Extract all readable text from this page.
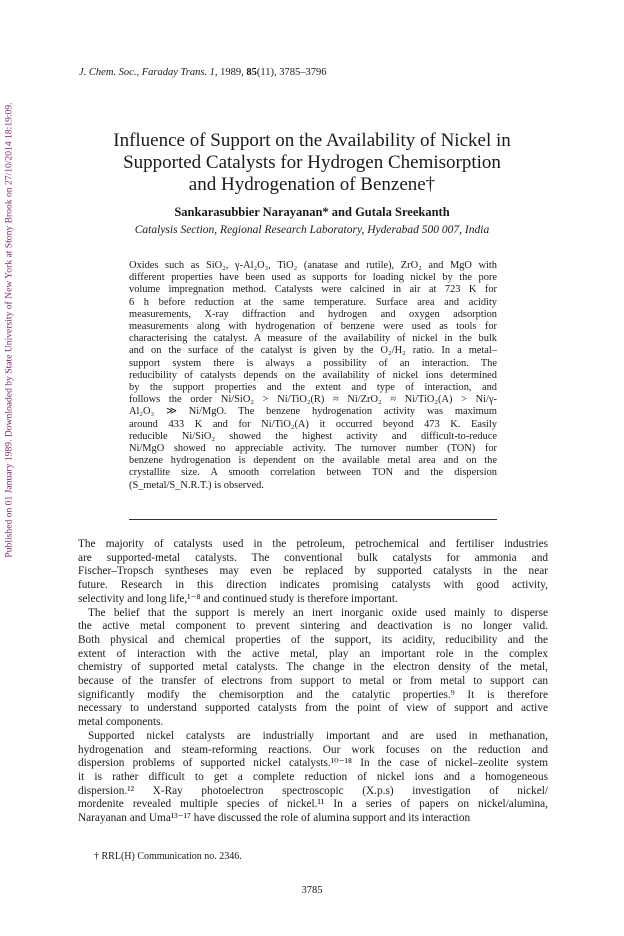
Published on 01 January 1989. Downloaded by State University of New York at Stony Brook on 27/10/2014 18:19:09.
J. Chem. Soc., Faraday Trans. 1, 1989, 85(11), 3785–3796
Influence of Support on the Availability of Nickel in
Supported Catalysts for Hydrogen Chemisorption
and Hydrogenation of Benzene†
Sankarasubbier Narayanan* and Gutala Sreekanth
Catalysis Section, Regional Research Laboratory, Hyderabad 500 007, India
Oxides such as SiO₂, γ-Al₂O₃, TiO₂ (anatase and rutile), ZrO₂ and MgO with
different properties have been used as supports for loading nickel by the pore
volume impregnation method. Catalysts were calcined in air at 723 K for
6 h before reduction at the same temperature. Surface area and acidity
measurements, X-ray diffraction and hydrogen and oxygen adsorption
measurements along with hydrogenation of benzene were used as tools for
characterising the catalyst. A measure of the availability of nickel in the bulk
and on the surface of the catalyst is given by the O₂/H₂ ratio. In a metal–
support system there is always a possibility of an interaction. The
reducibility of catalysts depends on the availability of nickel ions determined
by the support properties and the extent and type of interaction, and
follows the order Ni/SiO₂ > Ni/TiO₂(R) ≈ Ni/ZrO₂ ≈ Ni/TiO₂(A) > Ni/γ-
Al₂O₃ ≫ Ni/MgO. The benzene hydrogenation activity was maximum
around 433 K and for Ni/TiO₂(A) it occurred beyond 473 K. Easily
reducible Ni/SiO₂ showed the highest activity and difficult-to-reduce
Ni/MgO showed no appreciable activity. The turnover number (TON) for
benzene hydrogenation is dependent on the available metal area and on the
crystallite size. A smooth correlation between TON and the dispersion
(S_metal/S_N.R.T.) is observed.
The majority of catalysts used in the petroleum, petrochemical and fertiliser industries
are supported-metal catalysts. The conventional bulk catalysts for ammonia and
Fischer–Tropsch syntheses may even be replaced by supported catalysts in the near
future. Research in this direction indicates promising catalysts with good activity,
selectivity and long life,¹⁻⁸ and continued study is therefore important.
The belief that the support is merely an inert inorganic oxide used mainly to disperse
the active metal component to prevent sintering and deactivation is no longer valid.
Both physical and chemical properties of the support, its acidity, reducibility and the
extent of interaction with the active metal, play an important role in the complex
chemistry of supported metal catalysts. The change in the electron density of the metal,
because of the transfer of electrons from support to metal or from metal to support can
significantly modify the chemisorption and the catalytic properties.⁹ It is therefore
necessary to understand supported catalysts from the point of view of support and active
metal components.
Supported nickel catalysts are industrially important and are used in methanation,
hydrogenation and steam-reforming reactions. Our work focuses on the reduction and
dispersion problems of supported nickel catalysts.¹⁰⁻¹⁸ In the case of nickel–zeolite system
it is rather difficult to get a complete reduction of nickel ions and a homogeneous
dispersion.¹² X-Ray photoelectron spectroscopic (X.p.s) investigation of nickel/
mordenite revealed multiple species of nickel.¹¹ In a series of papers on nickel/alumina,
Narayanan and Uma¹³⁻¹⁷ have discussed the role of alumina support and its interaction
† RRL(H) Communication no. 2346.
3785
